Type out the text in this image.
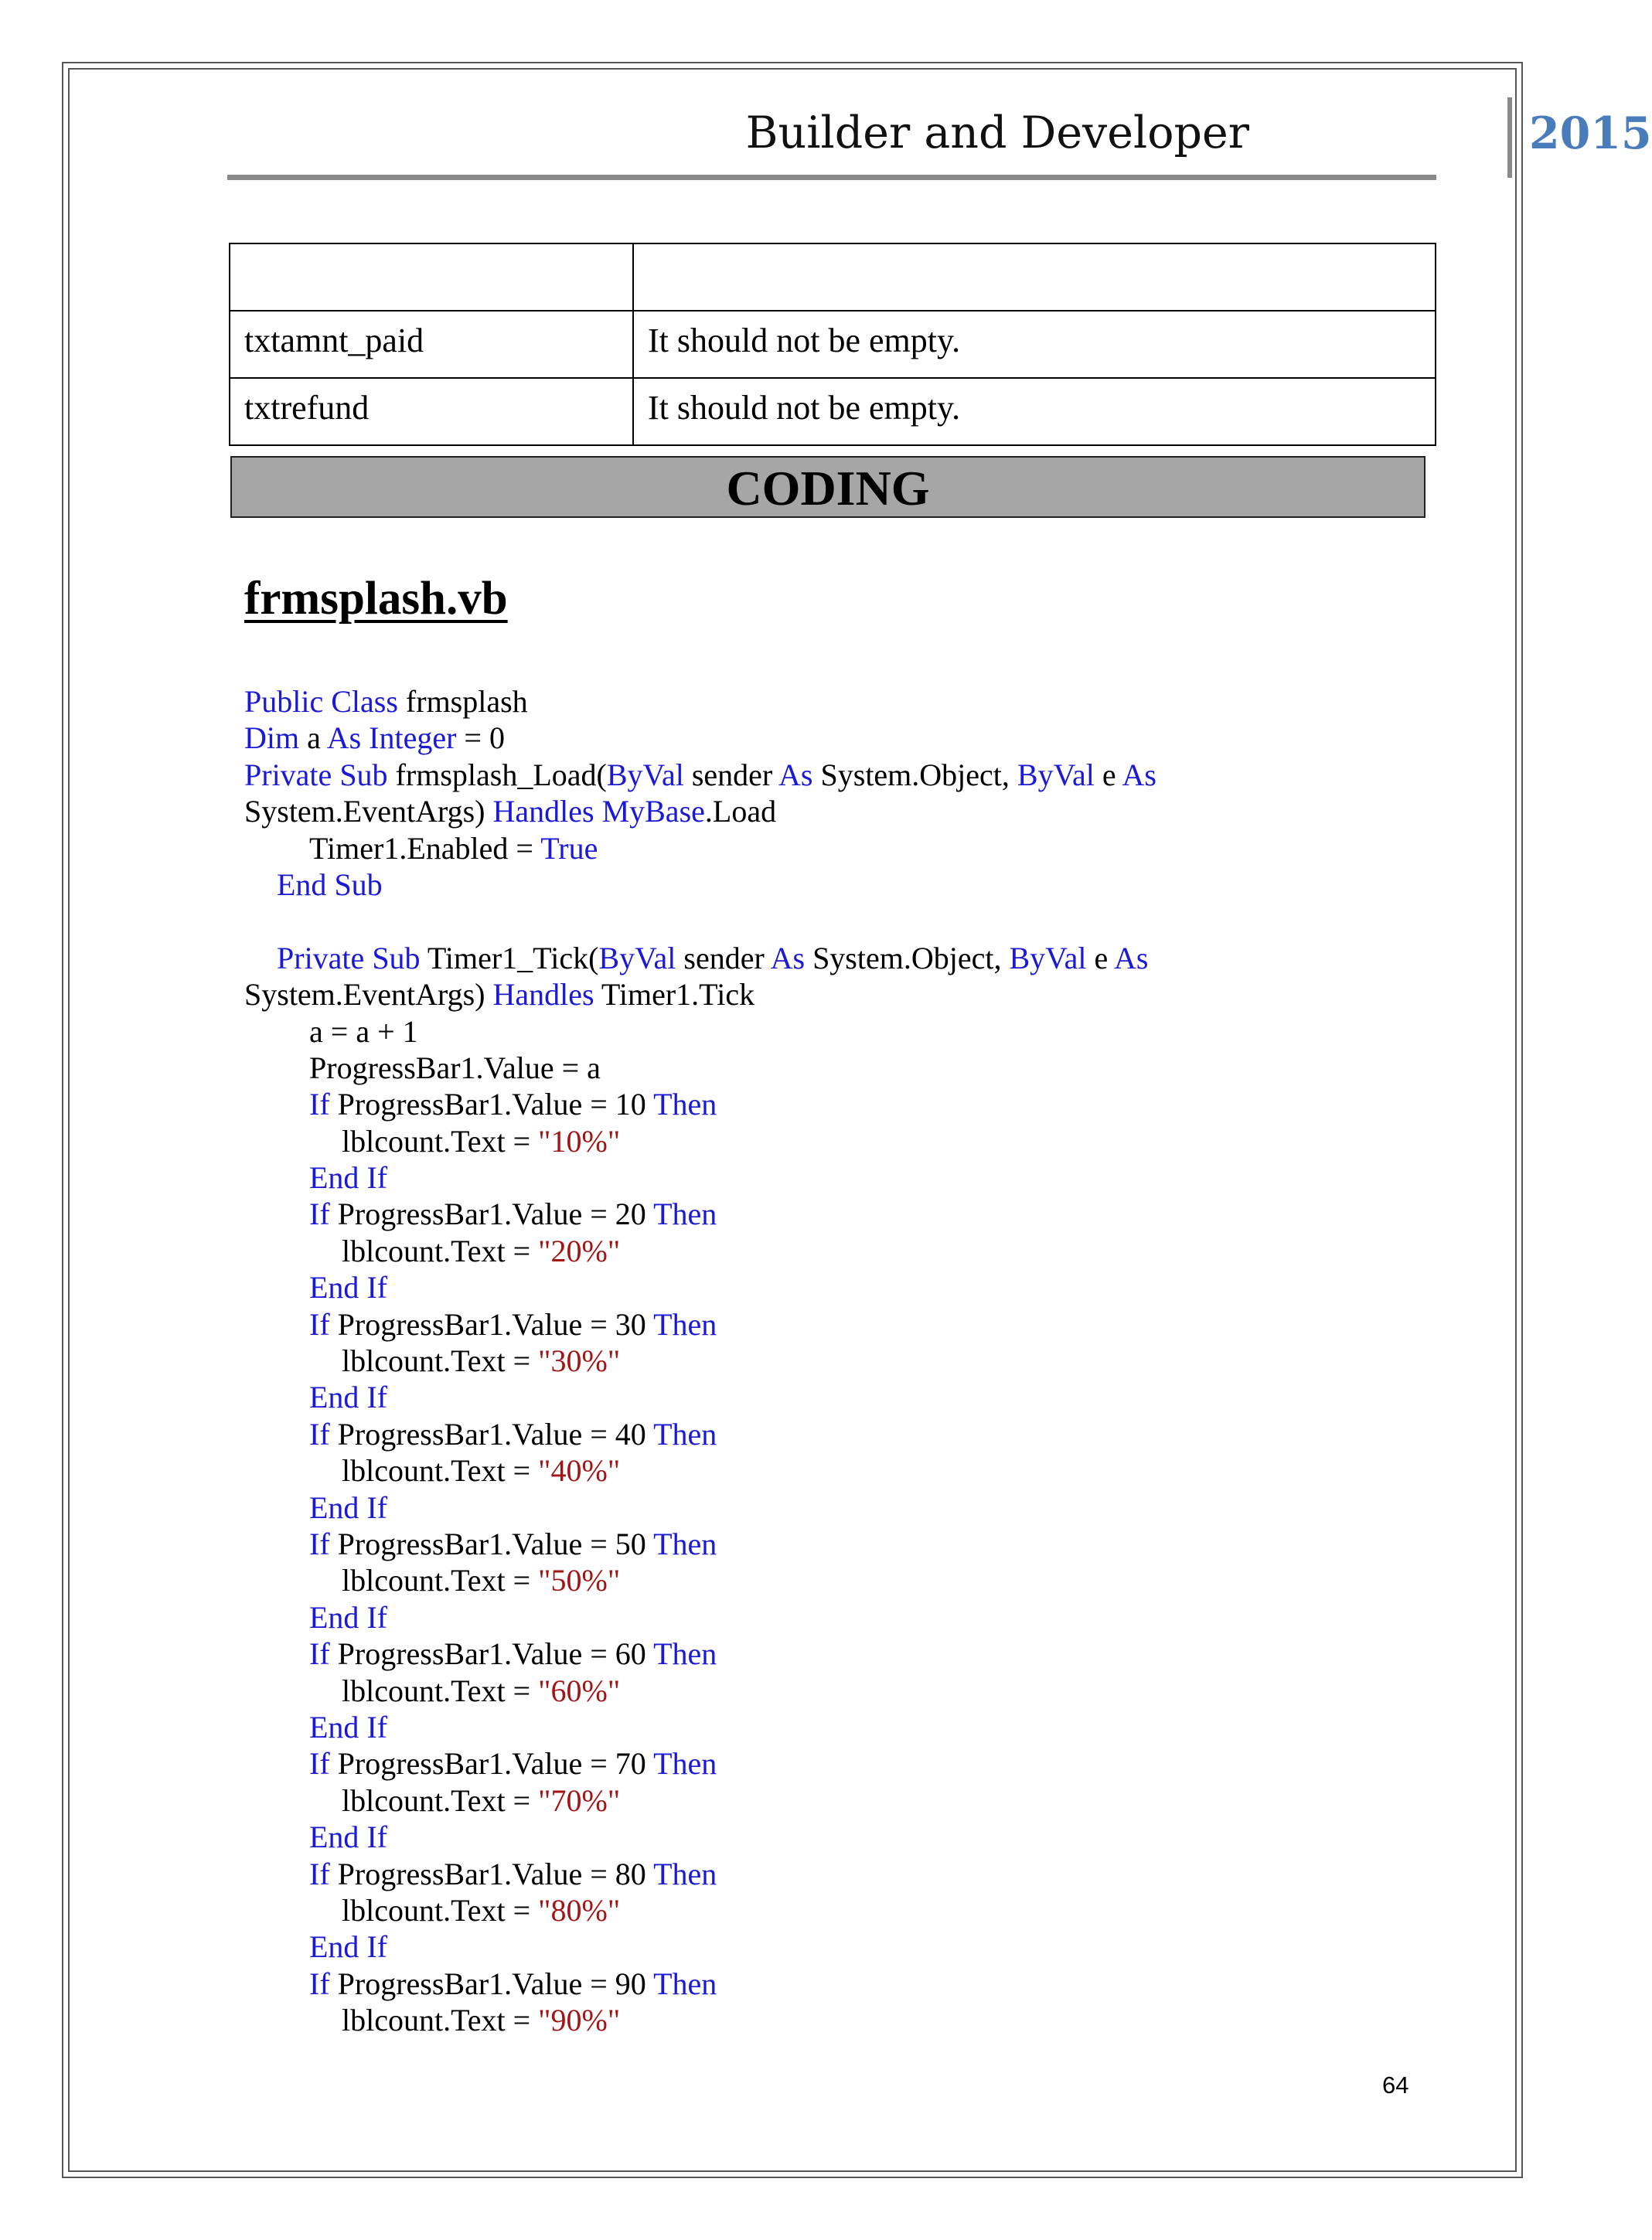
Builder and Developer	2015

txtamnt_paid	It should not be empty.
txtrefund	It should not be empty.
CODING
frmsplash.vb
Public Class frmsplash
Dim a As Integer = 0
Private Sub frmsplash_Load(ByVal sender As System.Object, ByVal e As
System.EventArgs) Handles MyBase.Load
Timer1.Enabled = True
End Sub
Private Sub Timer1_Tick(ByVal sender As System.Object, ByVal e As
System.EventArgs) Handles Timer1.Tick
a = a + 1
ProgressBar1.Value = a
If ProgressBar1.Value = 10 Then
lblcount.Text = "10%"
End If
If ProgressBar1.Value = 20 Then
lblcount.Text = "20%"
End If
If ProgressBar1.Value = 30 Then
lblcount.Text = "30%"
End If
If ProgressBar1.Value = 40 Then
lblcount.Text = "40%"
End If
If ProgressBar1.Value = 50 Then
lblcount.Text = "50%"
End If
If ProgressBar1.Value = 60 Then
lblcount.Text = "60%"
End If
If ProgressBar1.Value = 70 Then
lblcount.Text = "70%"
End If
If ProgressBar1.Value = 80 Then
lblcount.Text = "80%"
End If
If ProgressBar1.Value = 90 Then
lblcount.Text = "90%"
64
